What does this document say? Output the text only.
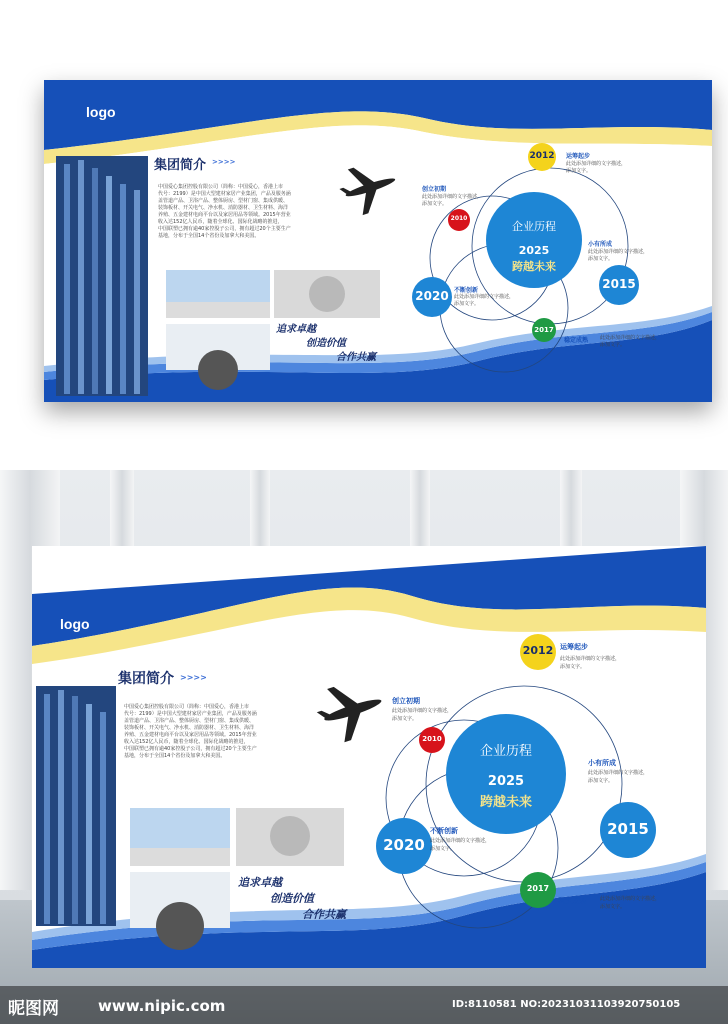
logo
集团简介 >>>>
中国爱心集团控股有限公司（简称：中国爱心，香港上市
代号：2199）是中国大型建材家居产业集团，产品及服务涵
盖管道产品、卫浴产品、整体厨房、型材门窗、集成供暖、
装饰板材、开关电气、净水机、消防器材、卫生材料、海洋
养殖、五金建材电商平台以及家居用品等领域。2015年营业
收入达152亿人民币，随着全球化、国际化战略的推进，
中国联塑已拥有逾40家控股子公司，拥有超过20个主要生产
基地，分布于全国14个省份及加拿大和美国。
追求卓越
创造价值
合作共赢
企业历程
2025
跨越未来
2010
2012
2015
2017
2020
创立初期
此处添加详细的文字描述，
添加文字。
运筹起步
此处添加详细的文字描述，
添加文字。
小有所成
此处添加详细的文字描述，
添加文字。
稳定成熟 此处添加详细的文字描述，
添加文字。
不断创新
此处添加详细的文字描述，
添加文字。
logo
集团简介 >>>>
中国爱心集团控股有限公司（简称：中国爱心，香港上市
代号：2199）是中国大型建材家居产业集团，产品及服务涵
盖管道产品、卫浴产品、整体厨房、型材门窗、集成供暖、
装饰板材、开关电气、净水机、消防器材、卫生材料、海洋
养殖、五金建材电商平台以及家居用品等领域。2015年营业
收入达152亿人民币，随着全球化、国际化战略的推进，
中国联塑已拥有逾40家控股子公司，拥有超过20个主要生产
基地，分布于全国14个省份及加拿大和美国。
追求卓越
创造价值
合作共赢
企业历程
2025
跨越未来
2010
2012
2015
2017
2020
创立初期
此处添加详细的文字描述，
添加文字。
运筹起步
此处添加详细的文字描述，
添加文字。
小有所成
此处添加详细的文字描述，
添加文字。
稳定成熟	此处添加详细的文字描述，
添加文字。
不断创新
此处添加详细的文字描述，
添加文字。
昵图网	www.nipic.com	ID:8110581 NO:20231031103920750105
